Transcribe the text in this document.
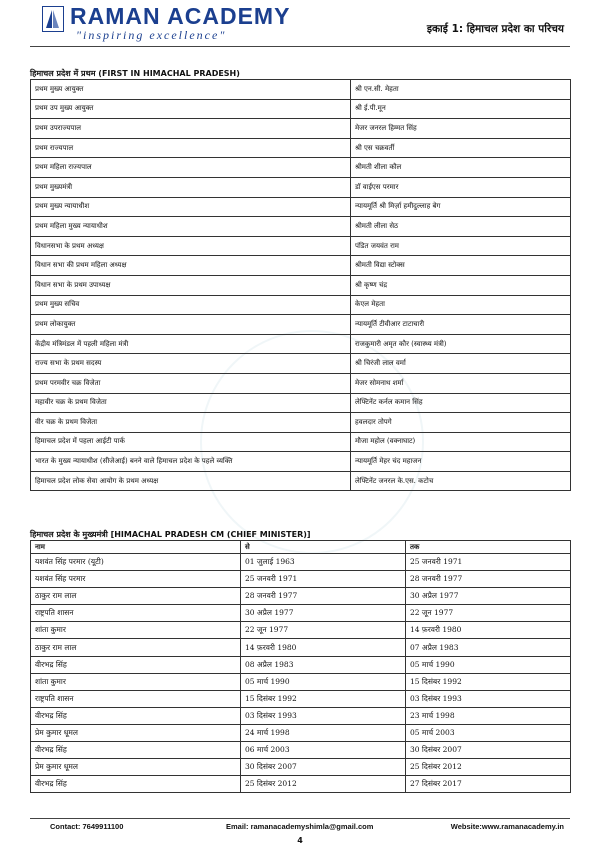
RAMAN ACADEMY
"inspiring excellence"	इकाई 1: हिमाचल प्रदेश का परिचय
हिमाचल प्रदेश में प्रथम (FIRST IN HIMACHAL PRADESH)
प्रथम मुख्य आयुक्त	श्री एन.सी. मेहता
प्रथम उप मुख्य आयुक्त	श्री ई.पी.मून
प्रथम उपराज्यपाल	मेजर जनरल हिम्मत सिंह
प्रथम राज्यपाल	श्री एस चक्रवर्ती
प्रथम महिला राज्यपाल	श्रीमती शीला कौल
प्रथम मुख्यमंत्री	डॉ वाईएस परमार
प्रथम मुख्य न्यायाधीश	न्यायमूर्ति श्री मिर्ज़ा हमीदुल्लाह बेग
प्रथम महिला मुख्य न्यायाधीश	श्रीमती लीला सेठ
विधानसभा के प्रथम अध्यक्ष	पंडित जयवंत राम
विधान सभा की प्रथम महिला अध्यक्ष	श्रीमती विद्या स्टोक्स
विधान सभा के प्रथम उपाध्यक्ष	श्री कृष्ण चंद्र
प्रथम मुख्य सचिव	केएल मेहता
प्रथम लोकायुक्त	न्यायमूर्ति टीवीआर टाटाचारी
केंद्रीय मंत्रिमंडल में पहली महिला मंत्री	राजकुमारी अमृत कौर (स्वास्थ्य मंत्री)
राज्य सभा के प्रथम सदस्य	श्री चिरंजी लाल वर्मा
प्रथम परमवीर चक्र विजेता	मेजर सोमनाथ शर्मा
महावीर चक्र के प्रथम विजेता	लेफ्टिनेंट कर्नल कमान सिंह
वीर चक्र के प्रथम विजेता	हवलदार तोपगे
हिमाचल प्रदेश में पहला आईटी पार्क	मौजा महोल (वक्नाघाट)
भारत के मुख्य न्यायाधीश (सीजेआई) बनने वाले हिमाचल प्रदेश के पहले व्यक्ति	न्यायमूर्ति मेहर चंद महाजन
हिमाचल प्रदेश लोक सेवा आयोग के प्रथम अध्यक्ष	लेफ्टिनेंट जनरल के.एस. कटोच
हिमाचल प्रदेश के मुख्यमंत्री [HIMACHAL PRADESH CM (CHIEF MINISTER)]
नाम	से	तक
यशवंत सिंह परमार (यूटी)	01 जुलाई 1963	25 जनवरी 1971
यशवंत सिंह परमार	25 जनवरी 1971	28 जनवरी 1977
ठाकुर राम लाल	28 जनवरी 1977	30 अप्रैल 1977
राष्ट्रपति शासन	30 अप्रैल 1977	22 जून 1977
शांता कुमार	22 जून 1977	14 फ़रवरी 1980
ठाकुर राम लाल	14 फ़रवरी 1980	07 अप्रैल 1983
वीरभद्र सिंह	08 अप्रैल 1983	05 मार्च 1990
शांता कुमार	05 मार्च 1990	15 दिसंबर 1992
राष्ट्रपति शासन	15 दिसंबर 1992	03 दिसंबर 1993
वीरभद्र सिंह	03 दिसंबर 1993	23 मार्च 1998
प्रेम कुमार धूमल	24 मार्च 1998	05 मार्च 2003
वीरभद्र सिंह	06 मार्च 2003	30 दिसंबर 2007
प्रेम कुमार धूमल	30 दिसंबर 2007	25 दिसंबर 2012
वीरभद्र सिंह	25 दिसंबर 2012	27 दिसंबर 2017
Contact: 7649911100	Email: ramanacademyshimla@gmail.com	Website:www.ramanacademy.in
4
